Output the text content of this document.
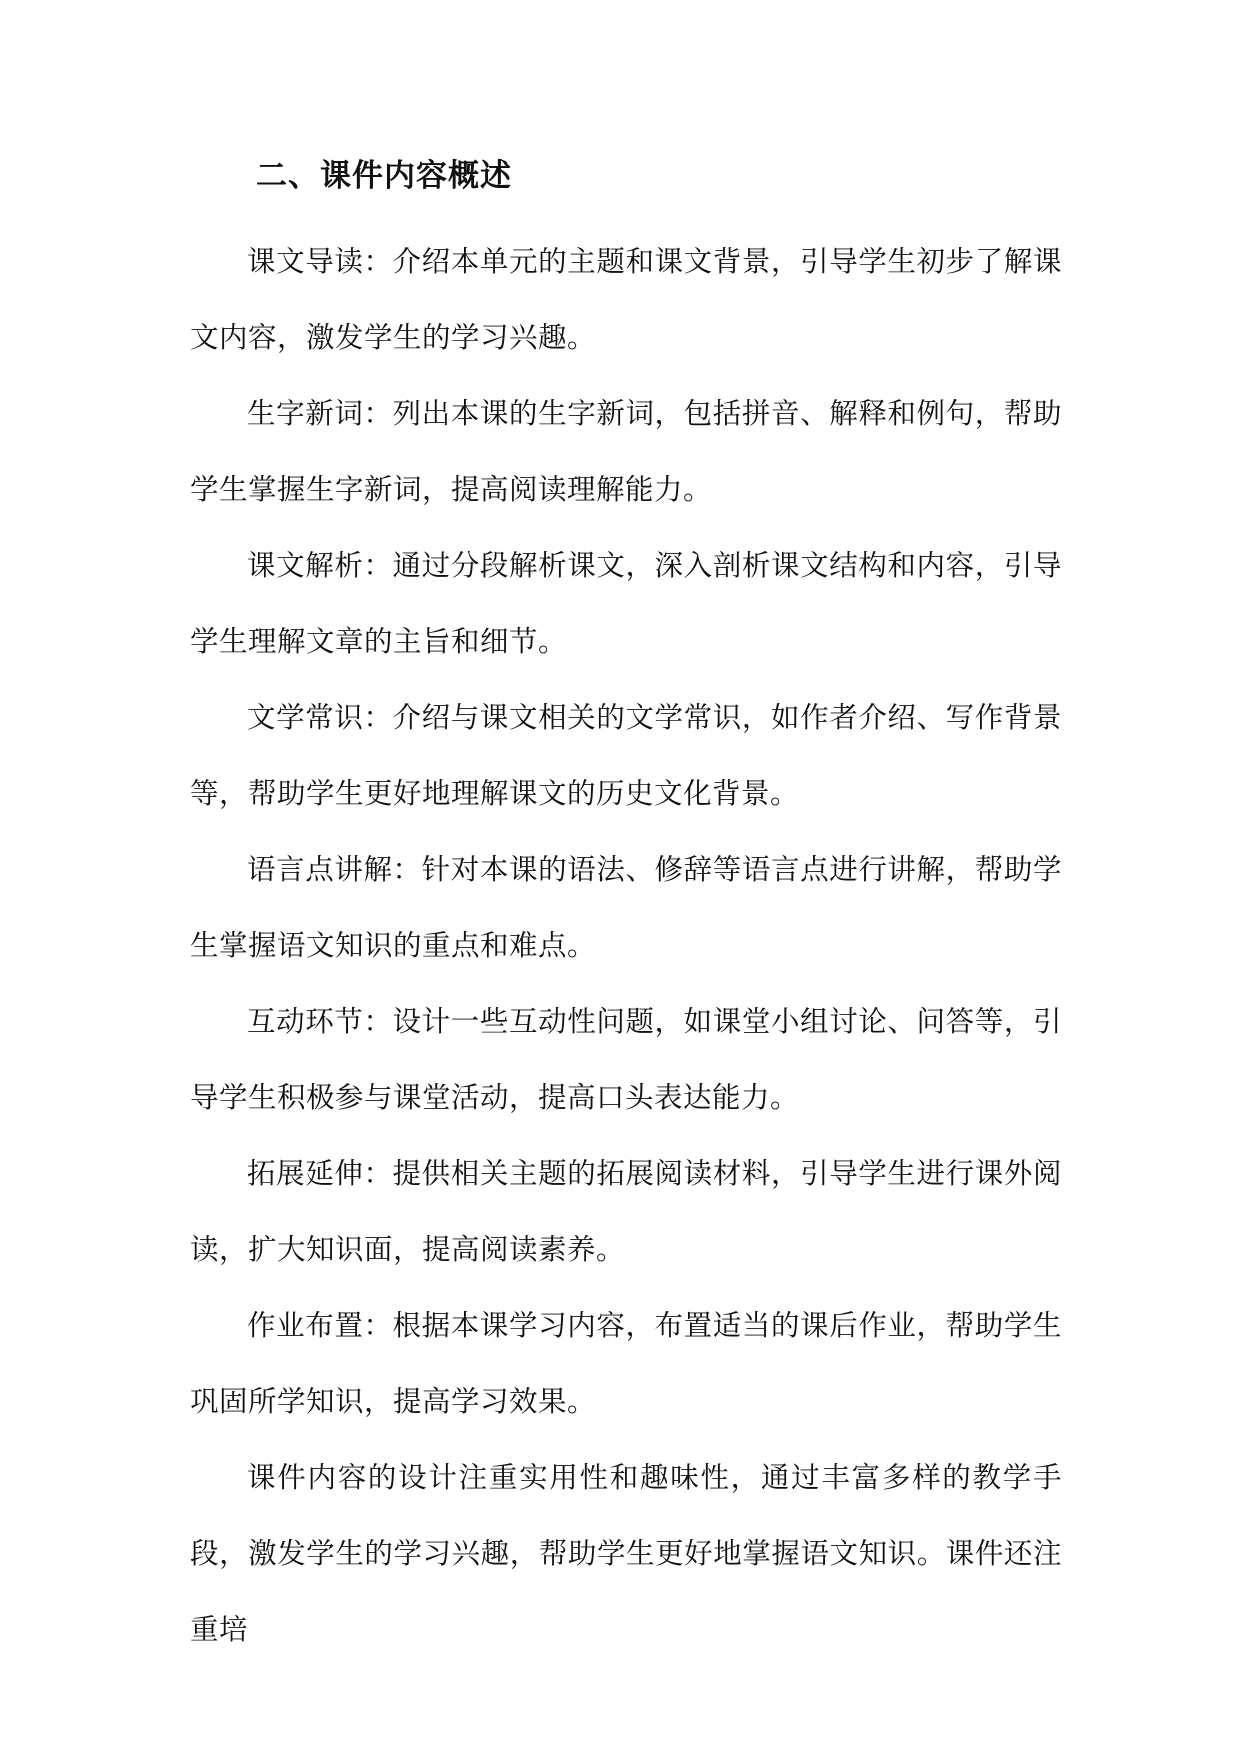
二、课件内容概述

课文导读：介绍本单元的主题和课文背景，引导学生初步了解课文内容，激发学生的学习兴趣。

生字新词：列出本课的生字新词，包括拼音、解释和例句，帮助学生掌握生字新词，提高阅读理解能力。

课文解析：通过分段解析课文，深入剖析课文结构和内容，引导学生理解文章的主旨和细节。

文学常识：介绍与课文相关的文学常识，如作者介绍、写作背景等，帮助学生更好地理解课文的历史文化背景。

语言点讲解：针对本课的语法、修辞等语言点进行讲解，帮助学生掌握语文知识的重点和难点。

互动环节：设计一些互动性问题，如课堂小组讨论、问答等，引导学生积极参与课堂活动，提高口头表达能力。

拓展延伸：提供相关主题的拓展阅读材料，引导学生进行课外阅读，扩大知识面，提高阅读素养。

作业布置：根据本课学习内容，布置适当的课后作业，帮助学生巩固所学知识，提高学习效果。

课件内容的设计注重实用性和趣味性，通过丰富多样的教学手段，激发学生的学习兴趣，帮助学生更好地掌握语文知识。课件还注重培
